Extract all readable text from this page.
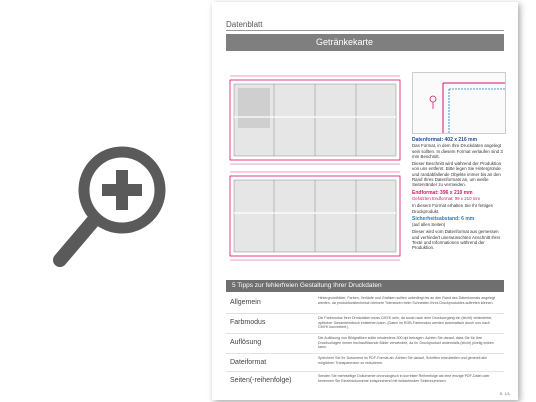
Datenblatt
Getränkekarte
Datenformat: 402 x 216 mm

Das Format, in dem Ihre Druckdaten angelegt sein sollten. In diesem Format verlaufen sind 3 mm Beschnitt.

Dieser Beschnitt wird während der Produktion von uns entfernt. Bitte legen Sie Hintergründe und randabfallende Objekte immer bis an den Rand Ihres Datenformats an, um weiße Seitenränder zu vermeiden.

Endformat: 396 x 210 mm

Gefalzten Endformat: 99 x 210 mm

In diesem Format erhalten Sie Ihr fertiges Druckprodukt.

Sicherheitsabstand: 6 mm

(auf allen Seiten)

Dieser wird vom Datenformat aus gemessen und verhindert unerwünschten Anschnitt Ihrer Texte und Informationen während der Produktion.

5 Tipps zur fehlerfreien Gestaltung Ihrer Druckdaten
Allgemein
Hintergrundbilder, Farben, Verläufe und Grafiken sollten unbedingt bis an den Rand des Datenformats angelegt werden, da produktionstechnisch kleinere Toleranzen beim Schneiden Ihres Druckproduktes auftreten können.
Farbmodus
Die Farbmodus Ihrer Druckdaten muss CMYK sein, da sonst nach dem Druckvorgang ein (leicht) veränderter, optischer Gesamteindruck entstehen kann. (Daten im RGB-Farbmodus werden automatisch durch uns nach CMYK konvertiert.)
Auflösung
Die Auflösung von Bildgrafiken sollte mindestens 300 dpi betragen. Achten Sie darauf, dass Sie für Ihre Druckvorlagen immer hochauflösende Bilder verwenden, da Ihr Druckprodukt andernfalls (leicht) pixelig wirken kann.
Dateiformat
Speichern Sie Ihr Dokument im PDF-Format ab. Achten Sie darauf, Schriften einzubetten und generell alle möglichen Transparenzen zu reduzieren.
Seiten(-reihenfolge)
Senden Sie mehrseitige Dokumente chronologisch in korrekter Reihenfolge als eine einzige PDF-Datei oder benennen Sie Einzeldokumente entsprechend mit fortlaufenden Seitennummern.
S. 1/1
